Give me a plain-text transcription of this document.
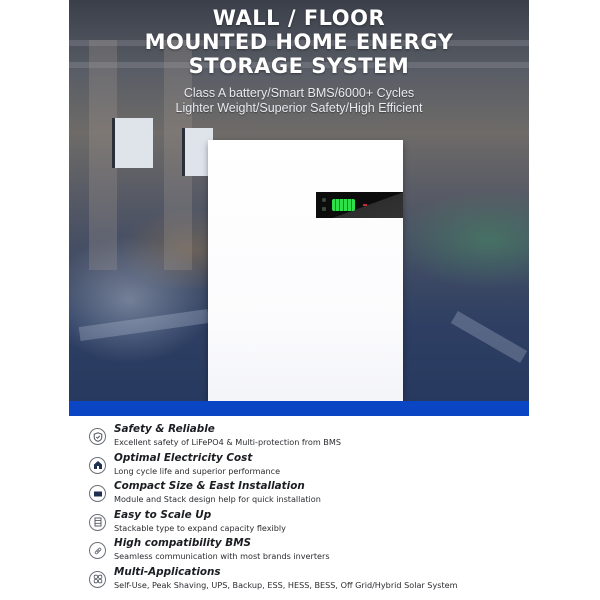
WALL / FLOOR
MOUNTED HOME ENERGY
STORAGE SYSTEM
Class A battery/Smart BMS/6000+ Cycles
Lighter Weight/Superior Safety/High Efficient
Safety & Reliable
Excellent safety of LiFePO4 & Multi-protection from BMS
Optimal Electricity Cost
Long cycle life and superior performance
Compact Size & East Installation
Module and Stack design help for quick installation
Easy to Scale Up
Stackable type to expand capacity flexibly
High compatibility BMS
Seamless communication with most brands inverters
Multi-Applications
Self-Use, Peak Shaving, UPS, Backup, ESS, HESS, BESS, Off Grid/Hybrid Solar System
